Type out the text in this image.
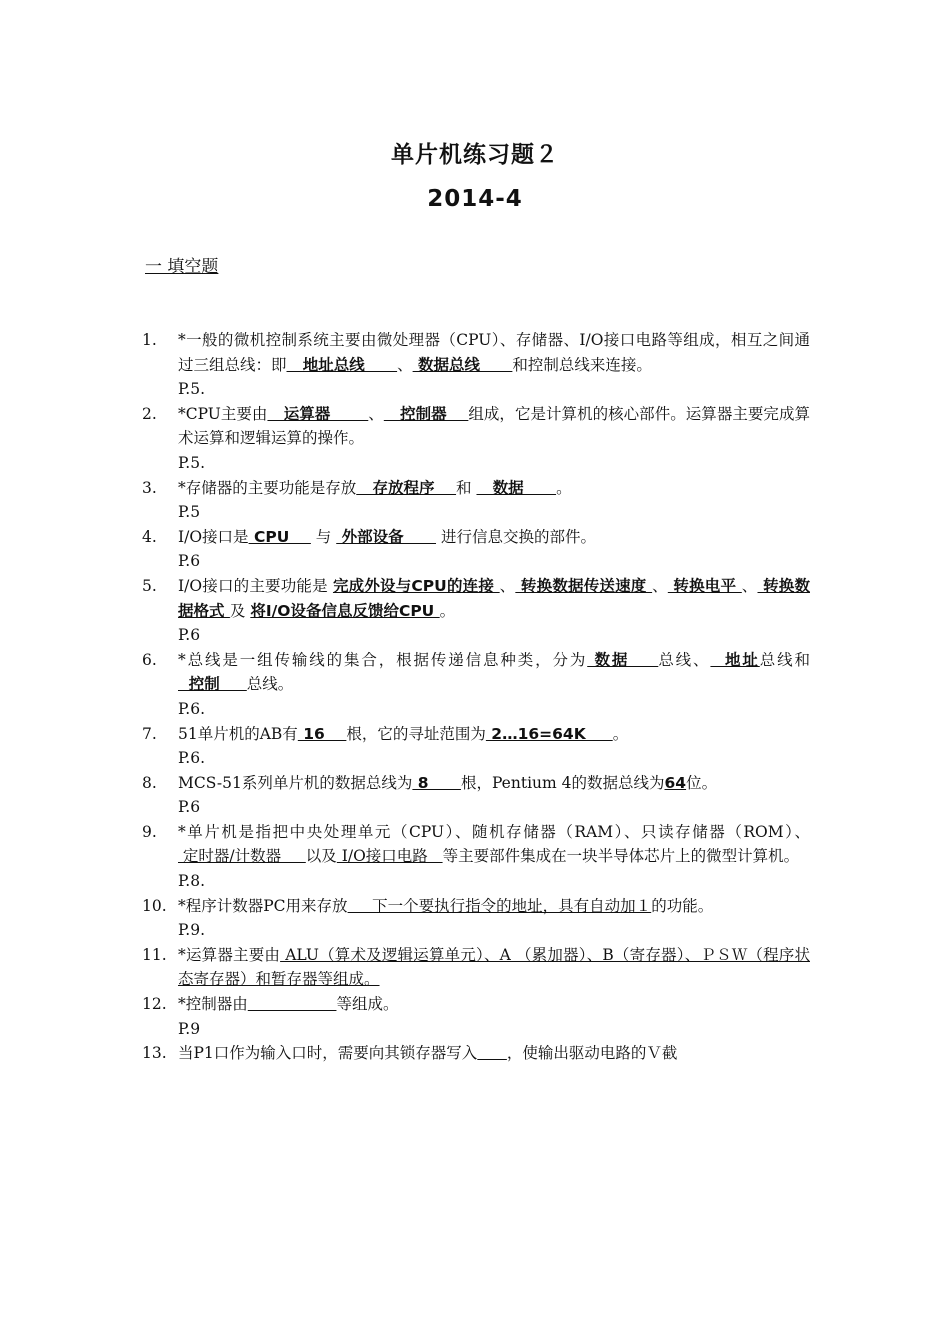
单片机练习题２
2014-4
一 填空题
1. *一般的微机控制系统主要由微处理器（CPU）、存储器、I/O接口电路等组成，相互之间通过三组总线：即   地址总线      、 数据总线      和控制总线来连接。
P.5.
2. *CPU主要由   运算器       、   控制器    组成，它是计算机的核心部件。运算器主要完成算术运算和逻辑运算的操作。
P.5.
3. *存储器的主要功能是存放   存放程序    和    数据      。
P.5
4. I/O接口是 CPU     与  外部设备       进行信息交换的部件。
P.6
5. I/O接口的主要功能是 完成外设与CPU的连接 、 转换数据传送速度 、 转换电平 、 转换数据格式 及 将I/O设备信息反馈给CPU 。
P.6
6. *总线是一组传输线的集合，根据传递信息种类，分为 数据    总线、  地址总线和  控制     总线。
P.6.
7. 51单片机的AB有 16    根，它的寻址范围为 2…16=64K     。
P.6.
8. MCS-51系列单片机的数据总线为 8      根，Pentium 4的数据总线为64位。
P.6
9. *单片机是指把中央处理单元（CPU）、随机存储器（RAM）、只读存储器（ROM）、 定时器/计数器     以及 I/O接口电路   等主要部件集成在一块半导体芯片上的微型计算机。
P.8.
10. *程序计数器PC用来存放     下一个要执行指令的地址，具有自动加１的功能。
P.9.
11. *运算器主要由 ALU（算术及逻辑运算单元）、A （累加器）、B（寄存器）、ＰＳＷ（程序状态寄存器）和暂存器等组成。
12. *控制器由	等组成。
P.9
13. 当P1口作为输入口时，需要向其锁存器写入 ，使输出驱动电路的Ｖ截
